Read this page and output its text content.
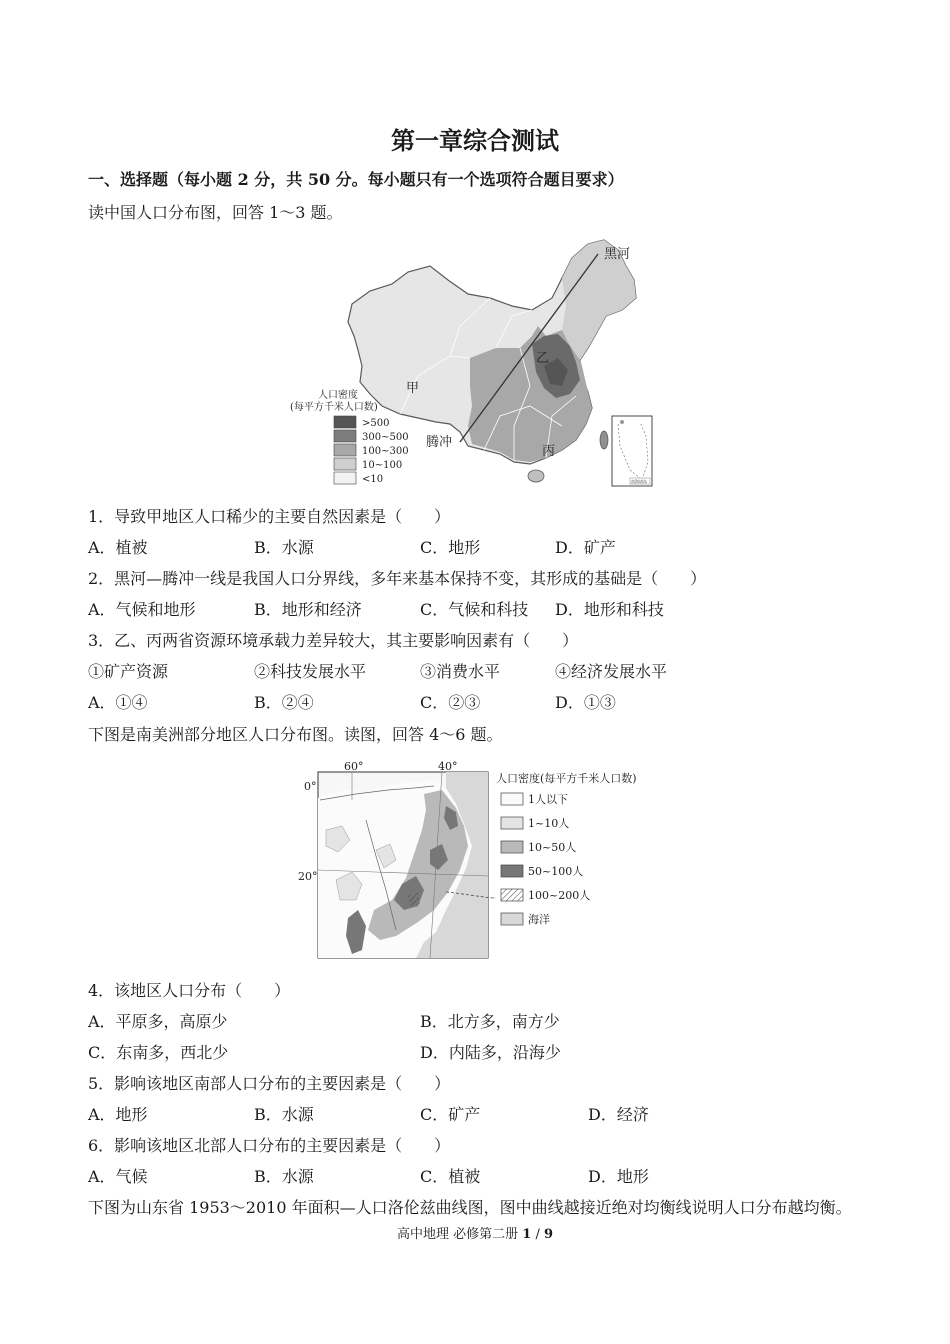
第一章综合测试
一、选择题（每小题 2 分，共 50 分。每小题只有一个选项符合题目要求）
读中国人口分布图，回答 1～3 题。
黑河
乙
甲
腾冲
丙
人口密度
(每平方千米人口数)
>500
300~500
100~300
10~100
<10	南海诸岛
1．导致甲地区人口稀少的主要自然因素是（　　）
A．植被	B．水源	C．地形	D．矿产
2．黑河—腾冲一线是我国人口分界线，多年来基本保持不变，其形成的基础是（　　）
A．气候和地形	B．地形和经济	C．气候和科技 D．地形和科技
3．乙、丙两省资源环境承载力差异较大，其主要影响因素有（　　）
①矿产资源	②科技发展水平	③消费水平	④经济发展水平
A．①④	B．②④	C．②③	D．①③
下图是南美洲部分地区人口分布图。读图，回答 4～6 题。
60°	40°
0°
20°
人口密度(每平方千米人口数)
1人以下
1~10人
10~50人
50~100人
100~200人
海洋
4．该地区人口分布（　　）
A．平原多，高原少	B．北方多，南方少
C．东南多，西北少	D．内陆多，沿海少
5．影响该地区南部人口分布的主要因素是（　　）
A．地形	B．水源	C．矿产	D．经济
6．影响该地区北部人口分布的主要因素是（　　）
A．气候	B．水源	C．植被	D．地形
下图为山东省 1953～2010 年面积—人口洛伦兹曲线图，图中曲线越接近绝对均衡线说明人口分布越均衡。
高中地理 必修第二册 1 / 9
